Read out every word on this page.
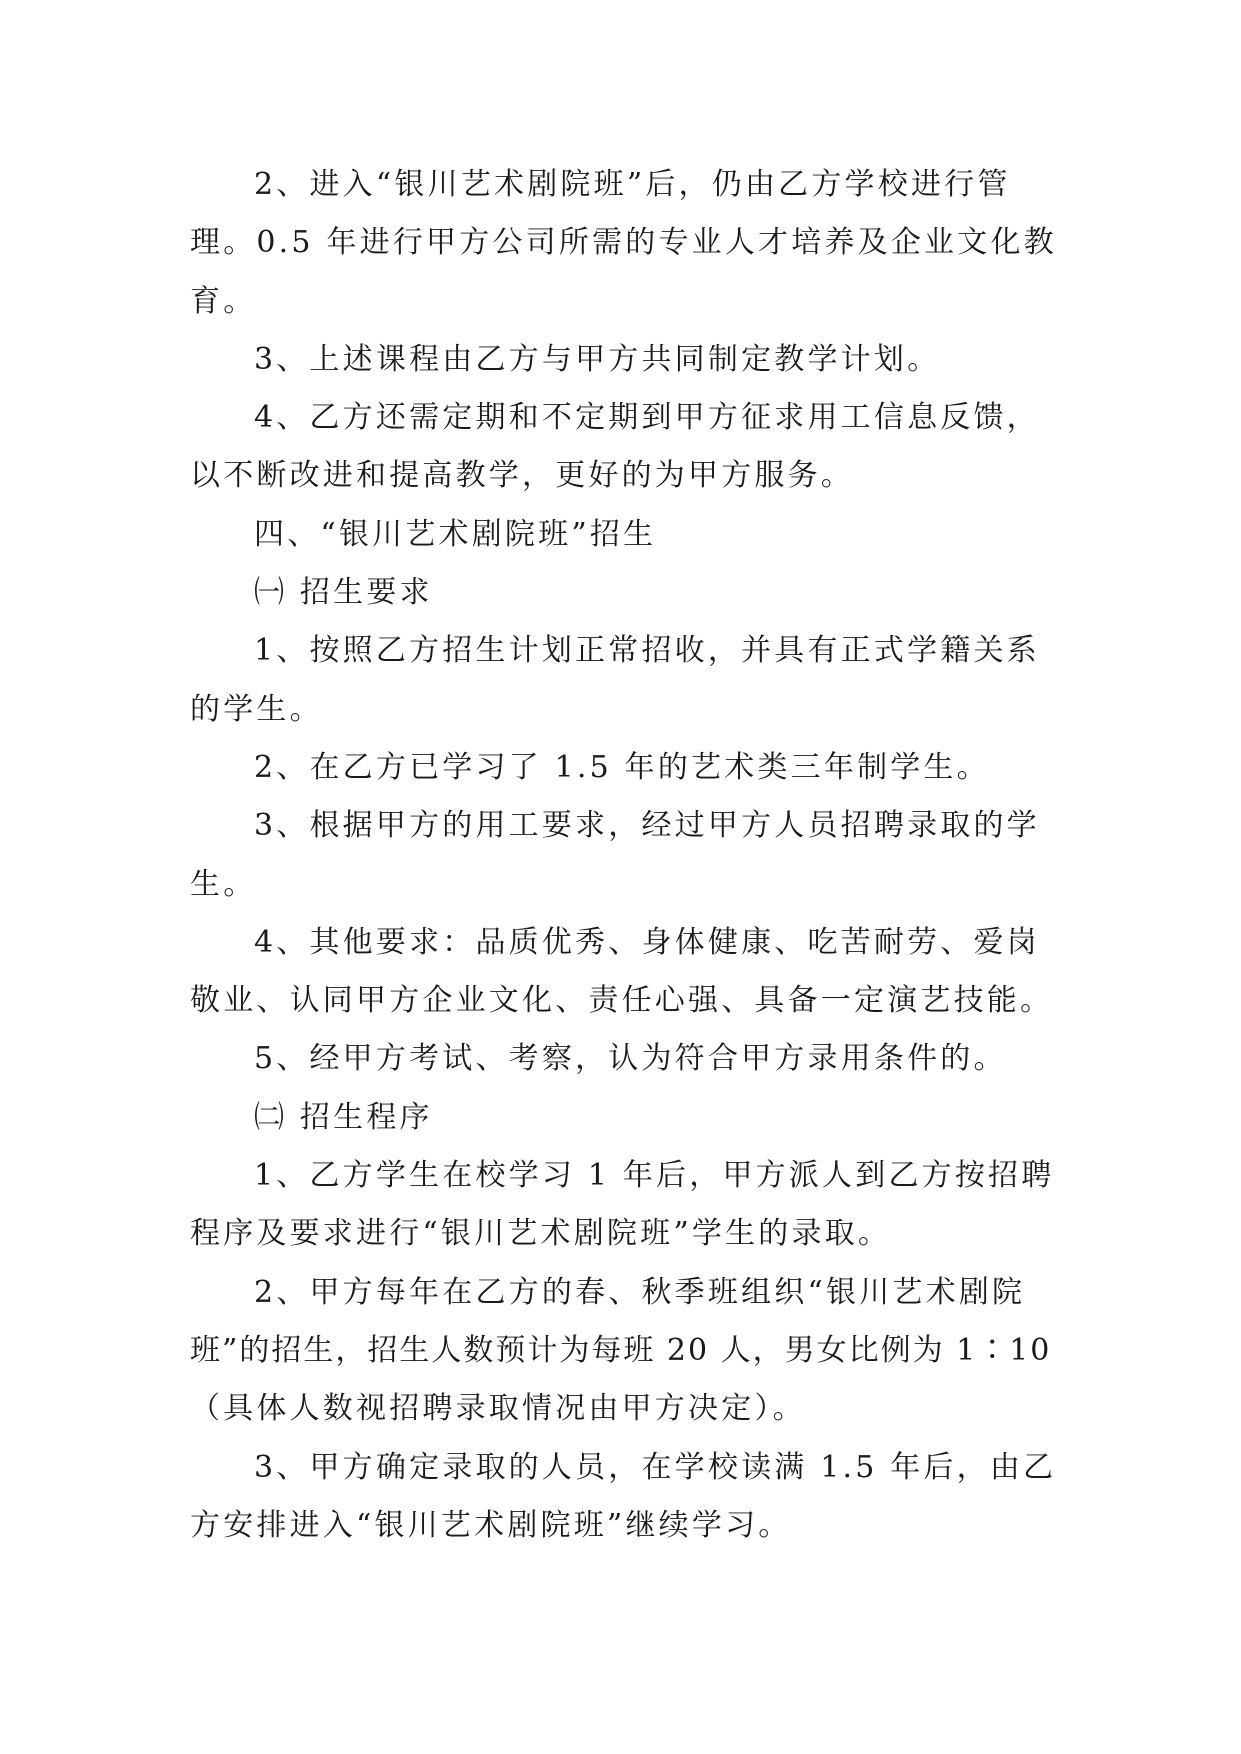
2、进入“银川艺术剧院班”后，仍由乙方学校进行管
理。0.5 年进行甲方公司所需的专业人才培养及企业文化教
育。
3、上述课程由乙方与甲方共同制定教学计划。
4、乙方还需定期和不定期到甲方征求用工信息反馈，
以不断改进和提高教学，更好的为甲方服务。
四、“银川艺术剧院班”招生
㈠ 招生要求
1、按照乙方招生计划正常招收，并具有正式学籍关系
的学生。
2、在乙方已学习了 1.5 年的艺术类三年制学生。
3、根据甲方的用工要求，经过甲方人员招聘录取的学
生。
4、其他要求：品质优秀、身体健康、吃苦耐劳、爱岗
敬业、认同甲方企业文化、责任心强、具备一定演艺技能。
5、经甲方考试、考察，认为符合甲方录用条件的。
㈡ 招生程序
1、乙方学生在校学习 1 年后，甲方派人到乙方按招聘
程序及要求进行“银川艺术剧院班”学生的录取。
2、甲方每年在乙方的春、秋季班组织“银川艺术剧院
班”的招生，招生人数预计为每班 20 人，男女比例为 1∶10
（具体人数视招聘录取情况由甲方决定）。
3、甲方确定录取的人员，在学校读满 1.5 年后，由乙
方安排进入“银川艺术剧院班”继续学习。
